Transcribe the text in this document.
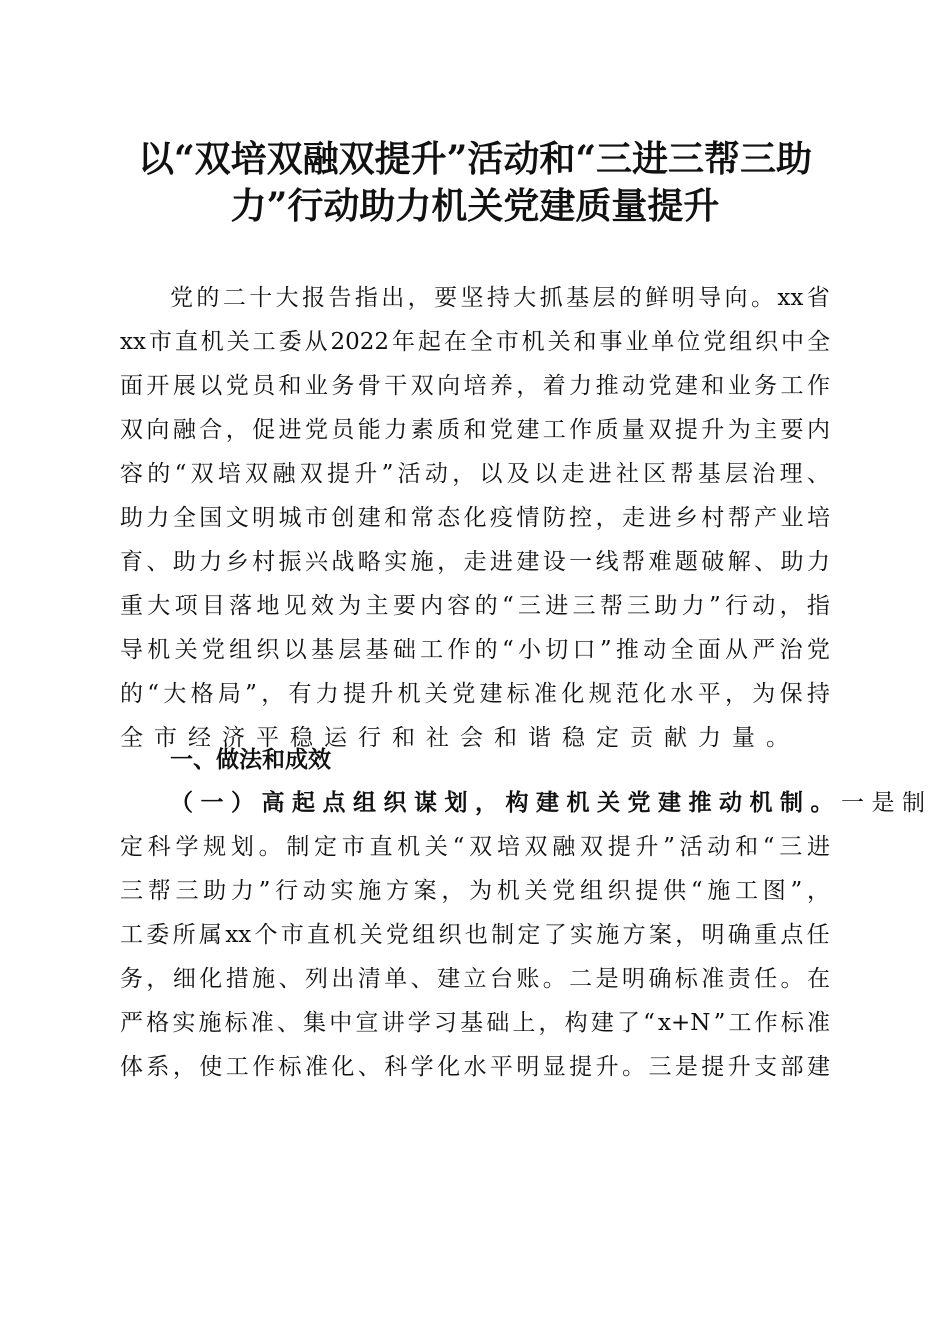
以“双培双融双提升”活动和“三进三帮三助
力”行动助力机关党建质量提升
党 的 二 十 大 报 告 指 出 ， 要 坚 持 大 抓 基 层 的 鲜 明 导 向 。 xx 省
xx 市 直 机 关 工 委 从 2022 年 起 在 全 市 机 关 和 事 业 单 位 党 组 织 中 全
面 开 展 以 党 员 和 业 务 骨 干 双 向 培 养 ， 着 力 推 动 党 建 和 业 务 工 作
双 向 融 合 ， 促 进 党 员 能 力 素 质 和 党 建 工 作 质 量 双 提 升 为 主 要 内
容 的 “ 双 培 双 融 双 提 升 ” 活 动 ， 以 及 以 走 进 社 区 帮 基 层 治 理 、
助 力 全 国 文 明 城 市 创 建 和 常 态 化 疫 情 防 控 ， 走 进 乡 村 帮 产 业 培
育 、 助 力 乡 村 振 兴 战 略 实 施 ， 走 进 建 设 一 线 帮 难 题 破 解 、 助 力
重 大 项 目 落 地 见 效 为 主 要 内 容 的 “ 三 进 三 帮 三 助 力 ” 行 动 ， 指
导 机 关 党 组 织 以 基 层 基 础 工 作 的 “ 小 切 口 ” 推 动 全 面 从 严 治 党
的 “ 大 格 局 ” ， 有 力 提 升 机 关 党 建 标 准 化 规 范 化 水 平 ， 为 保 持
全市经济平稳运行和社会和谐稳定贡献力量。
一、做法和成效
（一）高起点组织谋划，构建机关党建推动机制。 一是制
定 科 学 规 划 。 制 定 市 直 机 关 “ 双 培 双 融 双 提 升 ” 活 动 和 “ 三 进
三 帮 三 助 力 ” 行 动 实 施 方 案 ， 为 机 关 党 组 织 提 供 “ 施 工 图 ” ，
工 委 所 属 xx 个 市 直 机 关 党 组 织 也 制 定 了 实 施 方 案 ， 明 确 重 点 任
务 ， 细 化 措 施 、 列 出 清 单 、 建 立 台 账 。 二 是 明 确 标 准 责 任 。 在
严 格 实 施 标 准 、 集 中 宣 讲 学 习 基 础 上 ， 构 建 了 “ x+N ” 工 作 标 准
体 系 ， 使 工 作 标 准 化 、 科 学 化 水 平 明 显 提 升 。 三 是 提 升 支 部 建
